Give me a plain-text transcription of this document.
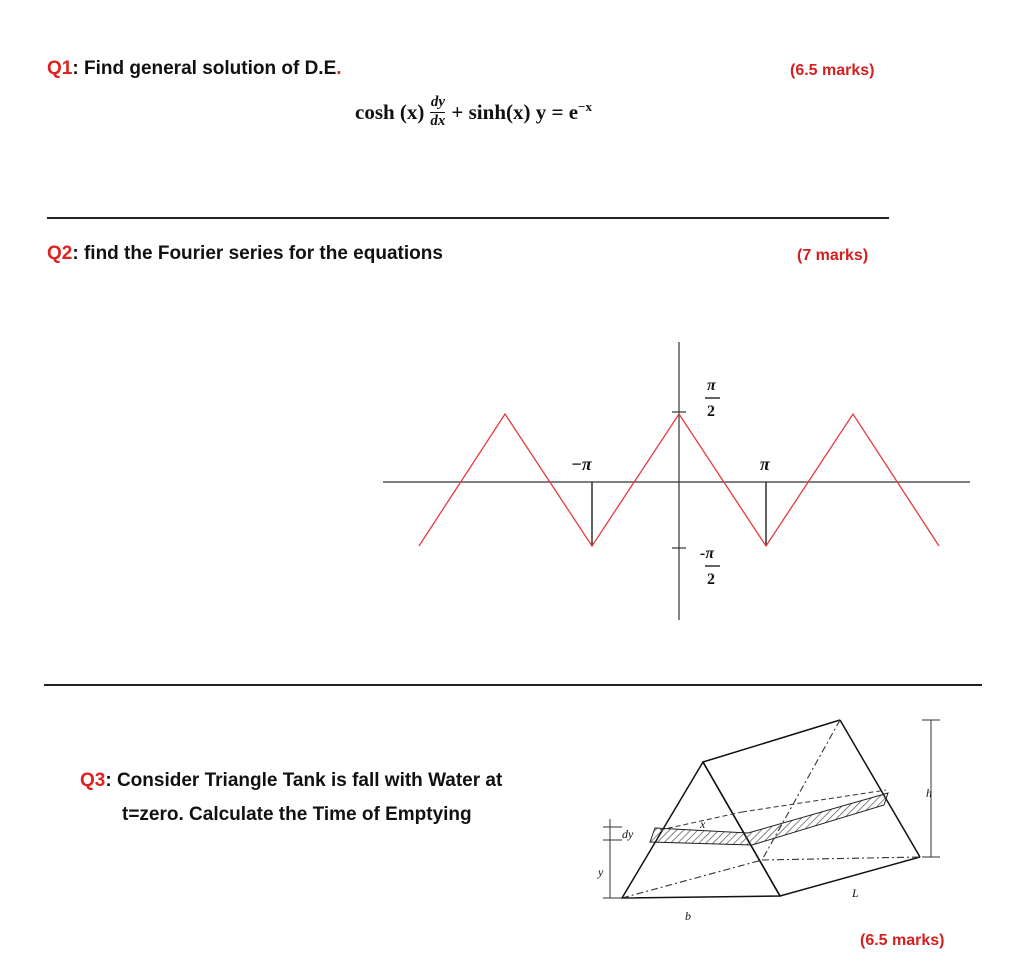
Q1: Find general solution of D.E.	(6.5 marks)
$\cosh (x) \frac{dy}{dx} + \sinh(x) y = e^{-x}$
Q2: find the Fourier series for the equations	(7 marks)
−π	π
π
2
-π
2
dy
y
x
b
L
h
Q3: Consider Triangle Tank is fall with Water at
t=zero. Calculate the Time of Emptying
(6.5 marks)
